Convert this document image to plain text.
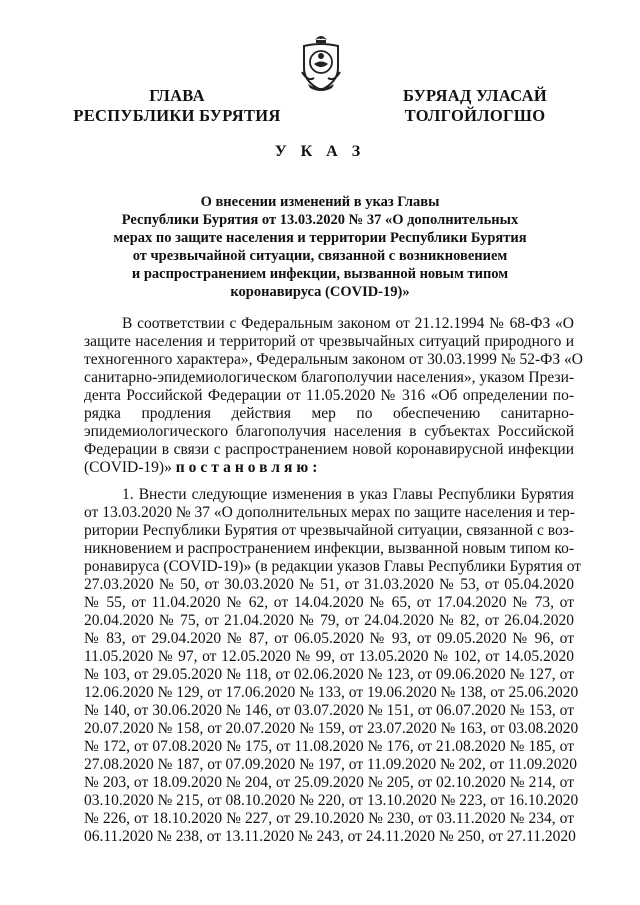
ГЛАВА
РЕСПУБЛИКИ БУРЯТИЯ
БУРЯАД УЛАСАЙ
ТОЛГОЙЛОГШО
У К А З
О внесении изменений в указ Главы
Республики Бурятия от 13.03.2020 № 37 «О дополнительных
мерах по защите населения и территории Республики Бурятия
от чрезвычайной ситуации, связанной с возникновением
и распространением инфекции, вызванной новым типом
коронавируса (COVID-19)»
В соответствии с Федеральным законом от 21.12.1994 № 68-ФЗ «О
защите населения и территорий от чрезвычайных ситуаций природного и
техногенного характера», Федеральным законом от 30.03.1999 № 52-ФЗ «О
санитарно-эпидемиологическом благополучии населения», указом Прези-
дента Российской Федерации от 11.05.2020 № 316 «Об определении по-
рядка продления действия мер по обеспечению санитарно-
эпидемиологического благополучия населения в субъектах Российской
Федерации в связи с распространением новой коронавирусной инфекции
(COVID-19)» постановляю:
1. Внести следующие изменения в указ Главы Республики Бурятия
от 13.03.2020 № 37 «О дополнительных мерах по защите населения и тер-
ритории Республики Бурятия от чрезвычайной ситуации, связанной с воз-
никновением и распространением инфекции, вызванной новым типом ко-
ронавируса (COVID-19)» (в редакции указов Главы Республики Бурятия от
27.03.2020 № 50, от 30.03.2020 № 51, от 31.03.2020 № 53, от 05.04.2020
№ 55, от 11.04.2020 № 62, от 14.04.2020 № 65, от 17.04.2020 № 73, от
20.04.2020 № 75, от 21.04.2020 № 79, от 24.04.2020 № 82, от 26.04.2020
№ 83, от 29.04.2020 № 87, от 06.05.2020 № 93, от 09.05.2020 № 96, от
11.05.2020 № 97, от 12.05.2020 № 99, от 13.05.2020 № 102, от 14.05.2020
№ 103, от 29.05.2020 № 118, от 02.06.2020 № 123, от 09.06.2020 № 127, от
12.06.2020 № 129, от 17.06.2020 № 133, от 19.06.2020 № 138, от 25.06.2020
№ 140, от 30.06.2020 № 146, от 03.07.2020 № 151, от 06.07.2020 № 153, от
20.07.2020 № 158, от 20.07.2020 № 159, от 23.07.2020 № 163, от 03.08.2020
№ 172, от 07.08.2020 № 175, от 11.08.2020 № 176, от 21.08.2020 № 185, от
27.08.2020 № 187, от 07.09.2020 № 197, от 11.09.2020 № 202, от 11.09.2020
№ 203, от 18.09.2020 № 204, от 25.09.2020 № 205, от 02.10.2020 № 214, от
03.10.2020 № 215, от 08.10.2020 № 220, от 13.10.2020 № 223, от 16.10.2020
№ 226, от 18.10.2020 № 227, от 29.10.2020 № 230, от 03.11.2020 № 234, от
06.11.2020 № 238, от 13.11.2020 № 243, от 24.11.2020 № 250, от 27.11.2020
